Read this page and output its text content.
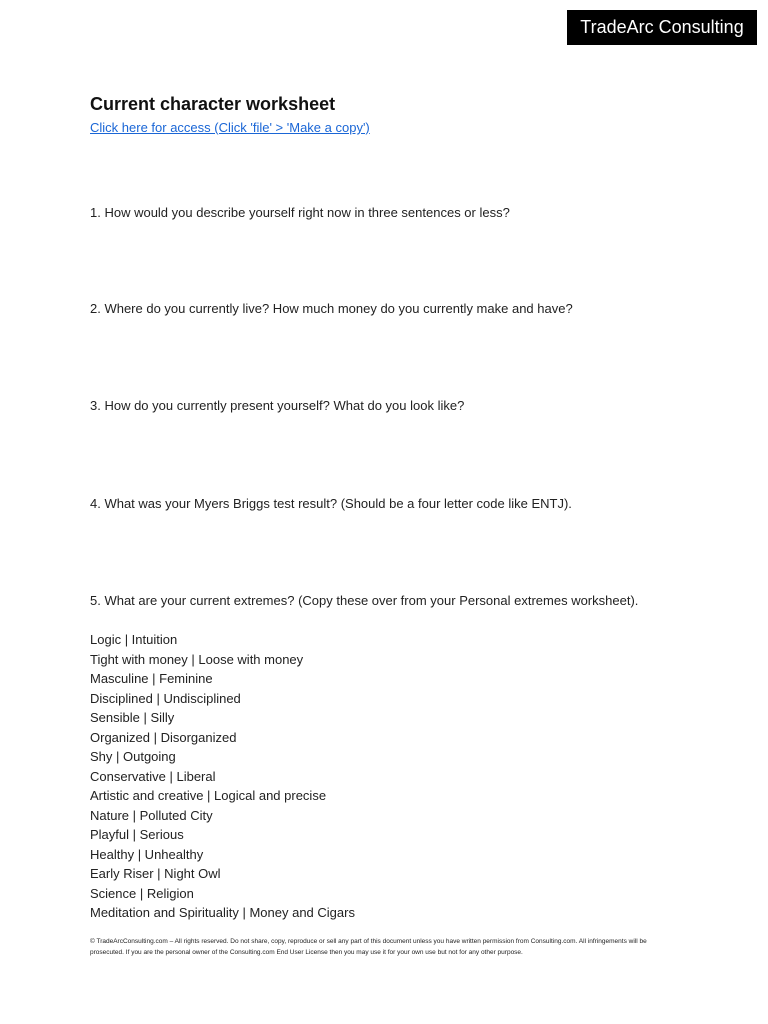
TradeArc Consulting
Current character worksheet
Click here for access (Click 'file' > 'Make a copy')
1. How would you describe yourself right now in three sentences or less?
2. Where do you currently live? How much money do you currently make and have?
3. How do you currently present yourself? What do you look like?
4. What was your Myers Briggs test result? (Should be a four letter code like ENTJ).
5. What are your current extremes? (Copy these over from your Personal extremes worksheet).
Logic | Intuition
Tight with money | Loose with money
Masculine | Feminine
Disciplined | Undisciplined
Sensible | Silly
Organized | Disorganized
Shy | Outgoing
Conservative | Liberal
Artistic and creative | Logical and precise
Nature | Polluted City
Playful | Serious
Healthy | Unhealthy
Early Riser | Night Owl
Science | Religion
Meditation and Spirituality | Money and Cigars
© TradeArcConsulting.com – All rights reserved. Do not share, copy, reproduce or sell any part of this document unless you have written permission from Consulting.com. All infringements will be prosecuted. If you are the personal owner of the Consulting.com End User License then you may use it for your own use but not for any other purpose.
